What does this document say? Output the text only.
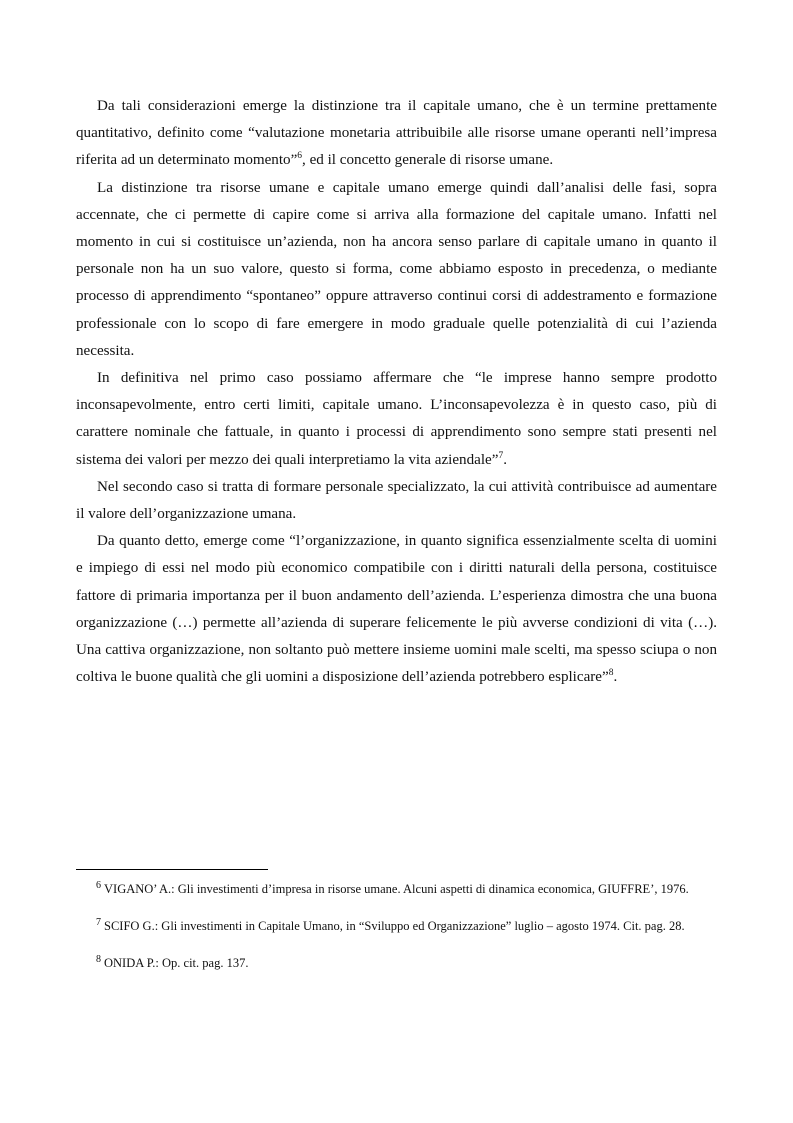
Da tali considerazioni emerge la distinzione tra il capitale umano, che è un termine prettamente quantitativo, definito come “valutazione monetaria attribuibile alle risorse umane operanti nell’impresa riferita ad un determinato momento”$^6$, ed il concetto generale di risorse umane.

La distinzione tra risorse umane e capitale umano emerge quindi dall’analisi delle fasi, sopra accennate, che ci permette di capire come si arriva alla formazione del capitale umano. Infatti nel momento in cui si costituisce un’azienda, non ha ancora senso parlare di capitale umano in quanto il personale non ha un suo valore, questo si forma, come abbiamo esposto in precedenza, o mediante processo di apprendimento “spontaneo” oppure attraverso continui corsi di addestramento e formazione professionale con lo scopo di fare emergere in modo graduale quelle potenzialità di cui l’azienda necessita.

In definitiva nel primo caso possiamo affermare che “le imprese hanno sempre prodotto inconsapevolmente, entro certi limiti, capitale umano. L’inconsapevolezza è in questo caso, più di carattere nominale che fattuale, in quanto i processi di apprendimento sono sempre stati presenti nel sistema dei valori per mezzo dei quali interpretiamo la vita aziendale”$^7$.

Nel secondo caso si tratta di formare personale specializzato, la cui attività contribuisce ad aumentare il valore dell’organizzazione umana.

Da quanto detto, emerge come “l’organizzazione, in quanto significa essenzialmente scelta di uomini e impiego di essi nel modo più economico compatibile con i diritti naturali della persona, costituisce fattore di primaria importanza per il buon andamento dell’azienda. L’esperienza dimostra che una buona organizzazione (…) permette all’azienda di superare felicemente le più avverse condizioni di vita (…). Una cattiva organizzazione, non soltanto può mettere insieme uomini male scelti, ma spesso sciupa o non coltiva le buone qualità che gli uomini a disposizione dell’azienda potrebbero esplicare”$^8$.

$^6$ VIGANO’ A.: Gli investimenti d’impresa in risorse umane. Alcuni aspetti di dinamica economica, GIUFFRE’, 1976.
$^7$ SCIFO G.: Gli investimenti in Capitale Umano, in “Sviluppo ed Organizzazione” luglio – agosto 1974. Cit. pag. 28.
$^8$ ONIDA P.: Op. cit. pag. 137.
